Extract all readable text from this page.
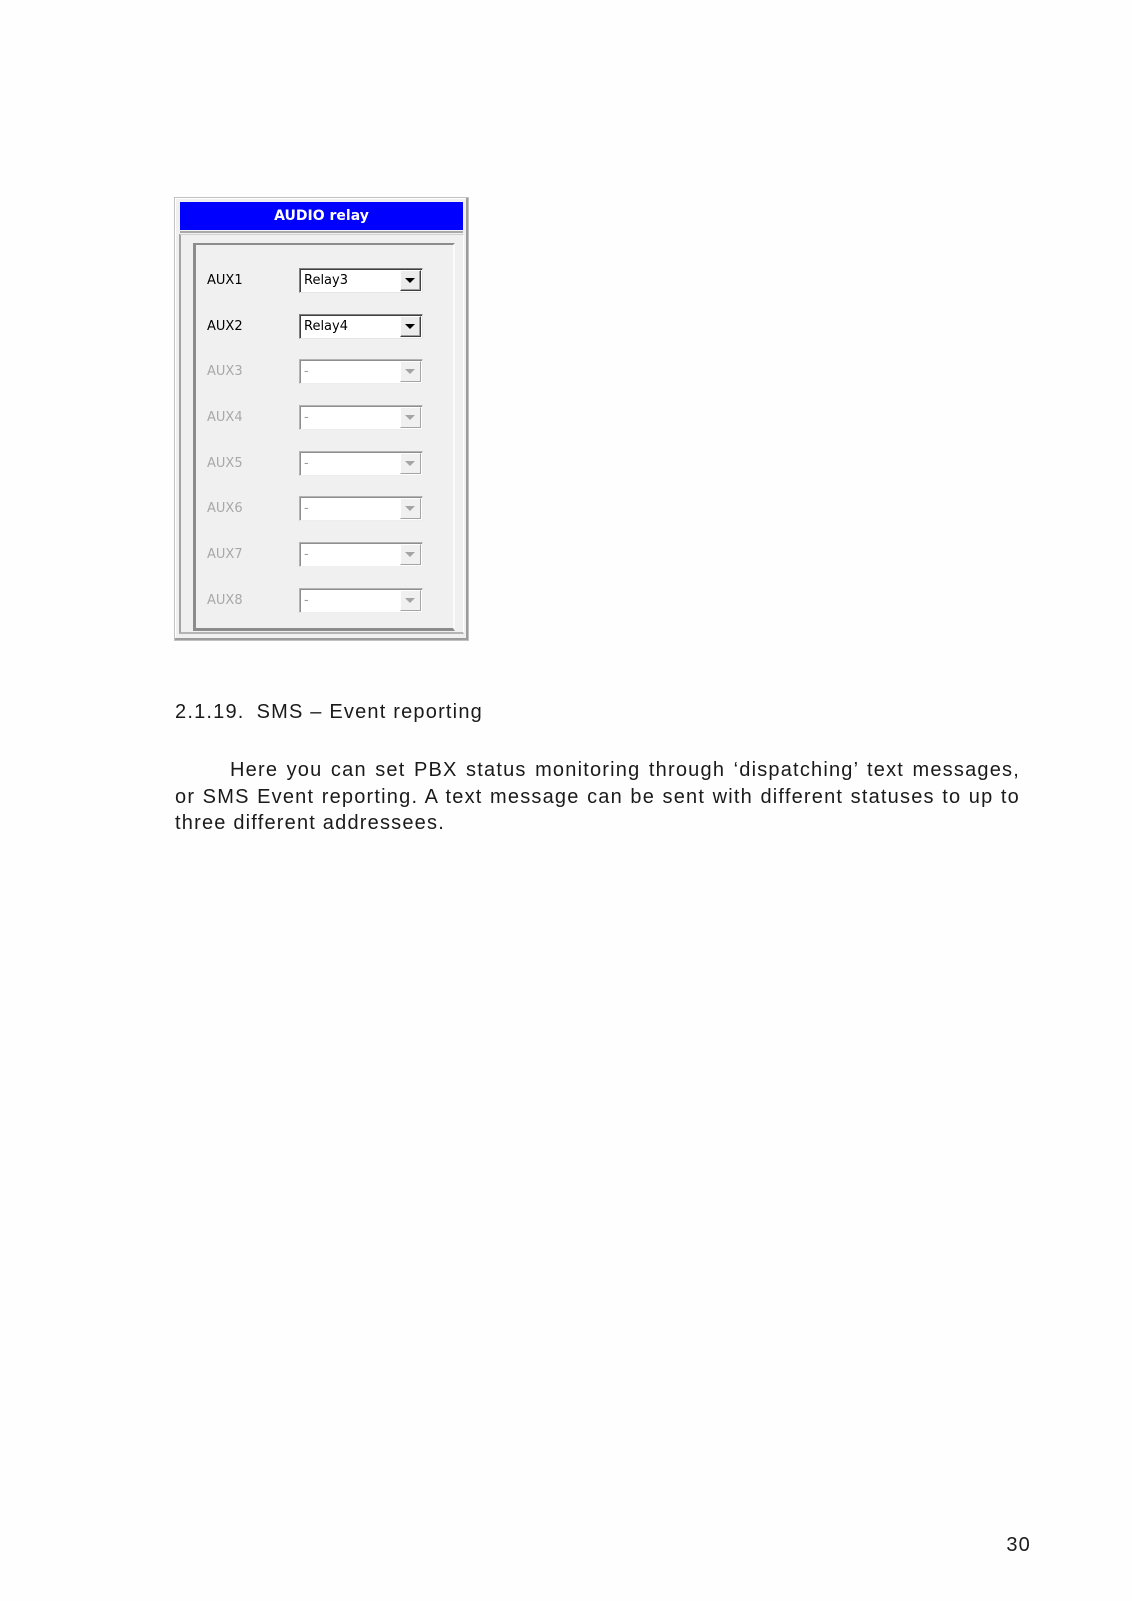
AUDIO relay
AUX1	Relay3
AUX2	Relay4
AUX3	-
AUX4	-
AUX5	-
AUX6	-
AUX7	-
AUX8	-
2.1.19. SMS – Event reporting

Here you can set PBX status monitoring through ‘dispatching’ text messages, or SMS Event reporting. A text message can be sent with different statuses to up to three different addressees.

30
